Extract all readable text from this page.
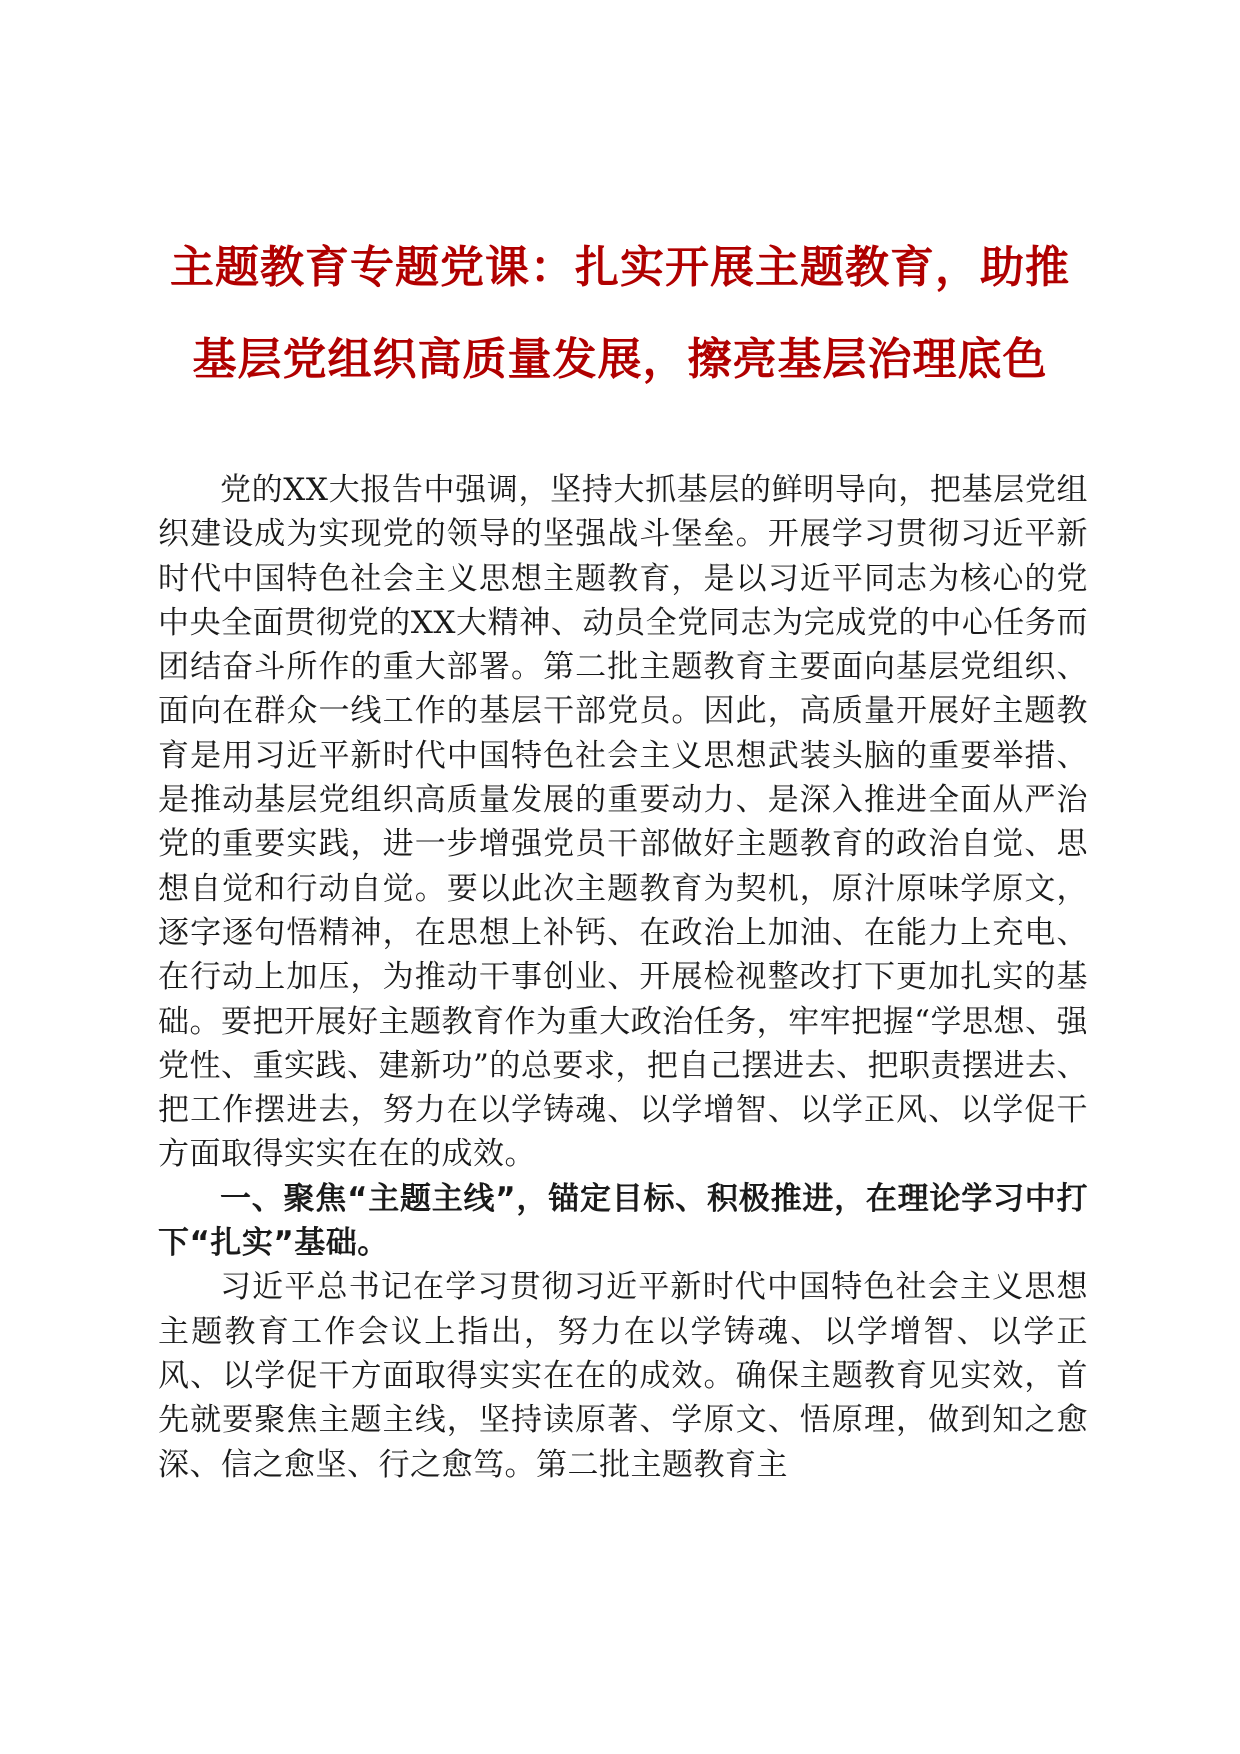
主题教育专题党课：扎实开展主题教育，助推
基层党组织高质量发展，擦亮基层治理底色

党的XX大报告中强调，坚持大抓基层的鲜明导向，把基层党组织建设成为实现党的领导的坚强战斗堡垒。开展学习贯彻习近平新时代中国特色社会主义思想主题教育，是以习近平同志为核心的党中央全面贯彻党的XX大精神、动员全党同志为完成党的中心任务而团结奋斗所作的重大部署。第二批主题教育主要面向基层党组织、面向在群众一线工作的基层干部党员。因此，高质量开展好主题教育是用习近平新时代中国特色社会主义思想武装头脑的重要举措、是推动基层党组织高质量发展的重要动力、是深入推进全面从严治党的重要实践，进一步增强党员干部做好主题教育的政治自觉、思想自觉和行动自觉。要以此次主题教育为契机，原汁原味学原文，逐字逐句悟精神，在思想上补钙、在政治上加油、在能力上充电、在行动上加压，为推动干事创业、开展检视整改打下更加扎实的基础。要把开展好主题教育作为重大政治任务，牢牢把握“学思想、强党性、重实践、建新功”的总要求，把自己摆进去、把职责摆进去、把工作摆进去，努力在以学铸魂、以学增智、以学正风、以学促干方面取得实实在在的成效。

一、聚焦“主题主线”，锚定目标、积极推进，在理论学习中打下“扎实”基础。

习近平总书记在学习贯彻习近平新时代中国特色社会主义思想主题教育工作会议上指出，努力在以学铸魂、以学增智、以学正风、以学促干方面取得实实在在的成效。确保主题教育见实效，首先就要聚焦主题主线，坚持读原著、学原文、悟原理，做到知之愈深、信之愈坚、行之愈笃。第二批主题教育主
